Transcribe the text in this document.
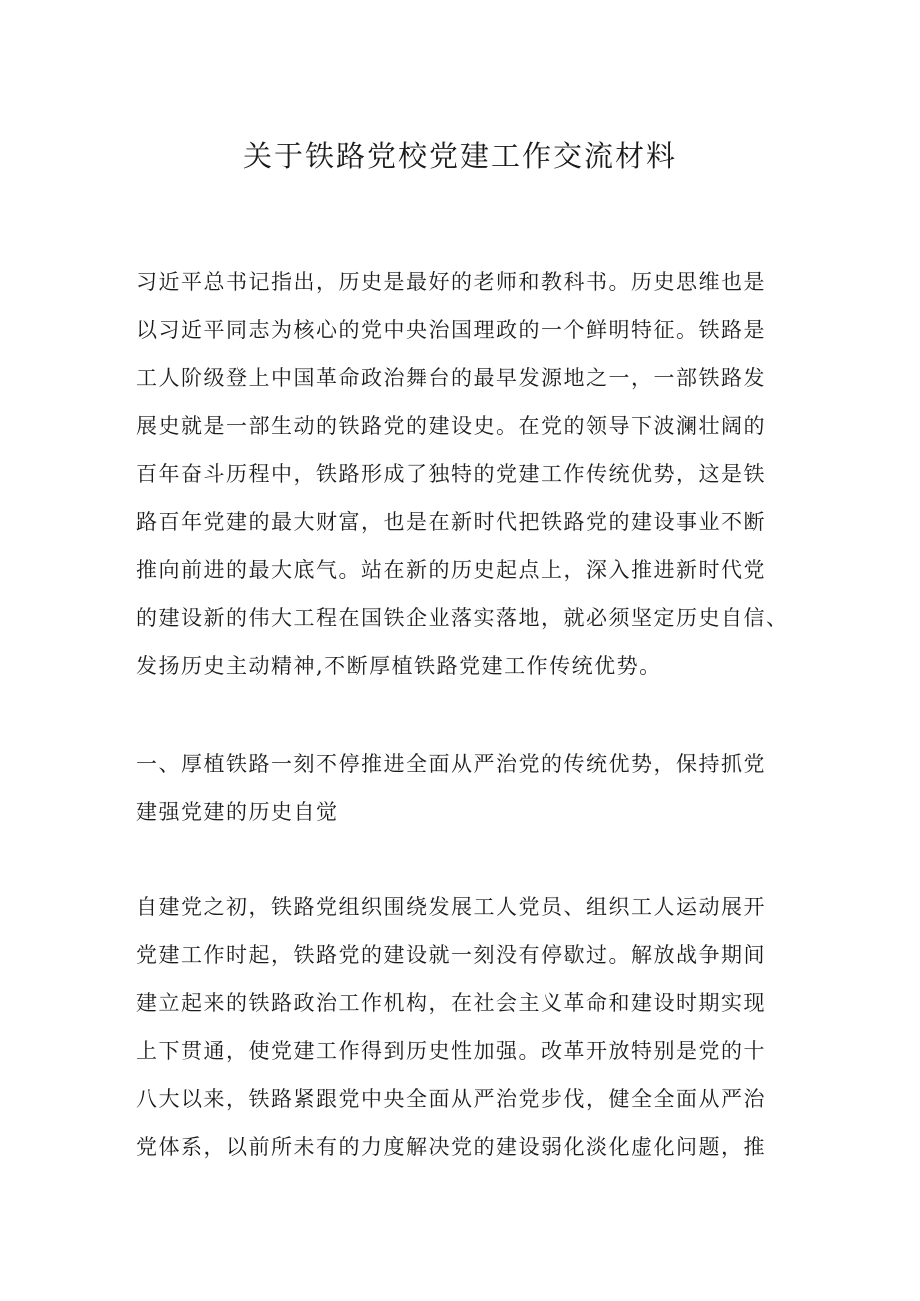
关于铁路党校党建工作交流材料
习近平总书记指出，历史是最好的老师和教科书。历史思维也是
以习近平同志为核心的党中央治国理政的一个鲜明特征。铁路是
工人阶级登上中国革命政治舞台的最早发源地之一，一部铁路发
展史就是一部生动的铁路党的建设史。在党的领导下波澜壮阔的
百年奋斗历程中，铁路形成了独特的党建工作传统优势，这是铁
路百年党建的最大财富，也是在新时代把铁路党的建设事业不断
推向前进的最大底气。站在新的历史起点上，深入推进新时代党
的建设新的伟大工程在国铁企业落实落地，就必须坚定历史自信、
发扬历史主动精神,不断厚植铁路党建工作传统优势。
一、厚植铁路一刻不停推进全面从严治党的传统优势，保持抓党
建强党建的历史自觉
自建党之初，铁路党组织围绕发展工人党员、组织工人运动展开
党建工作时起，铁路党的建设就一刻没有停歇过。解放战争期间
建立起来的铁路政治工作机构，在社会主义革命和建设时期实现
上下贯通，使党建工作得到历史性加强。改革开放特别是党的十
八大以来，铁路紧跟党中央全面从严治党步伐，健全全面从严治
党体系，以前所未有的力度解决党的建设弱化淡化虚化问题，推
